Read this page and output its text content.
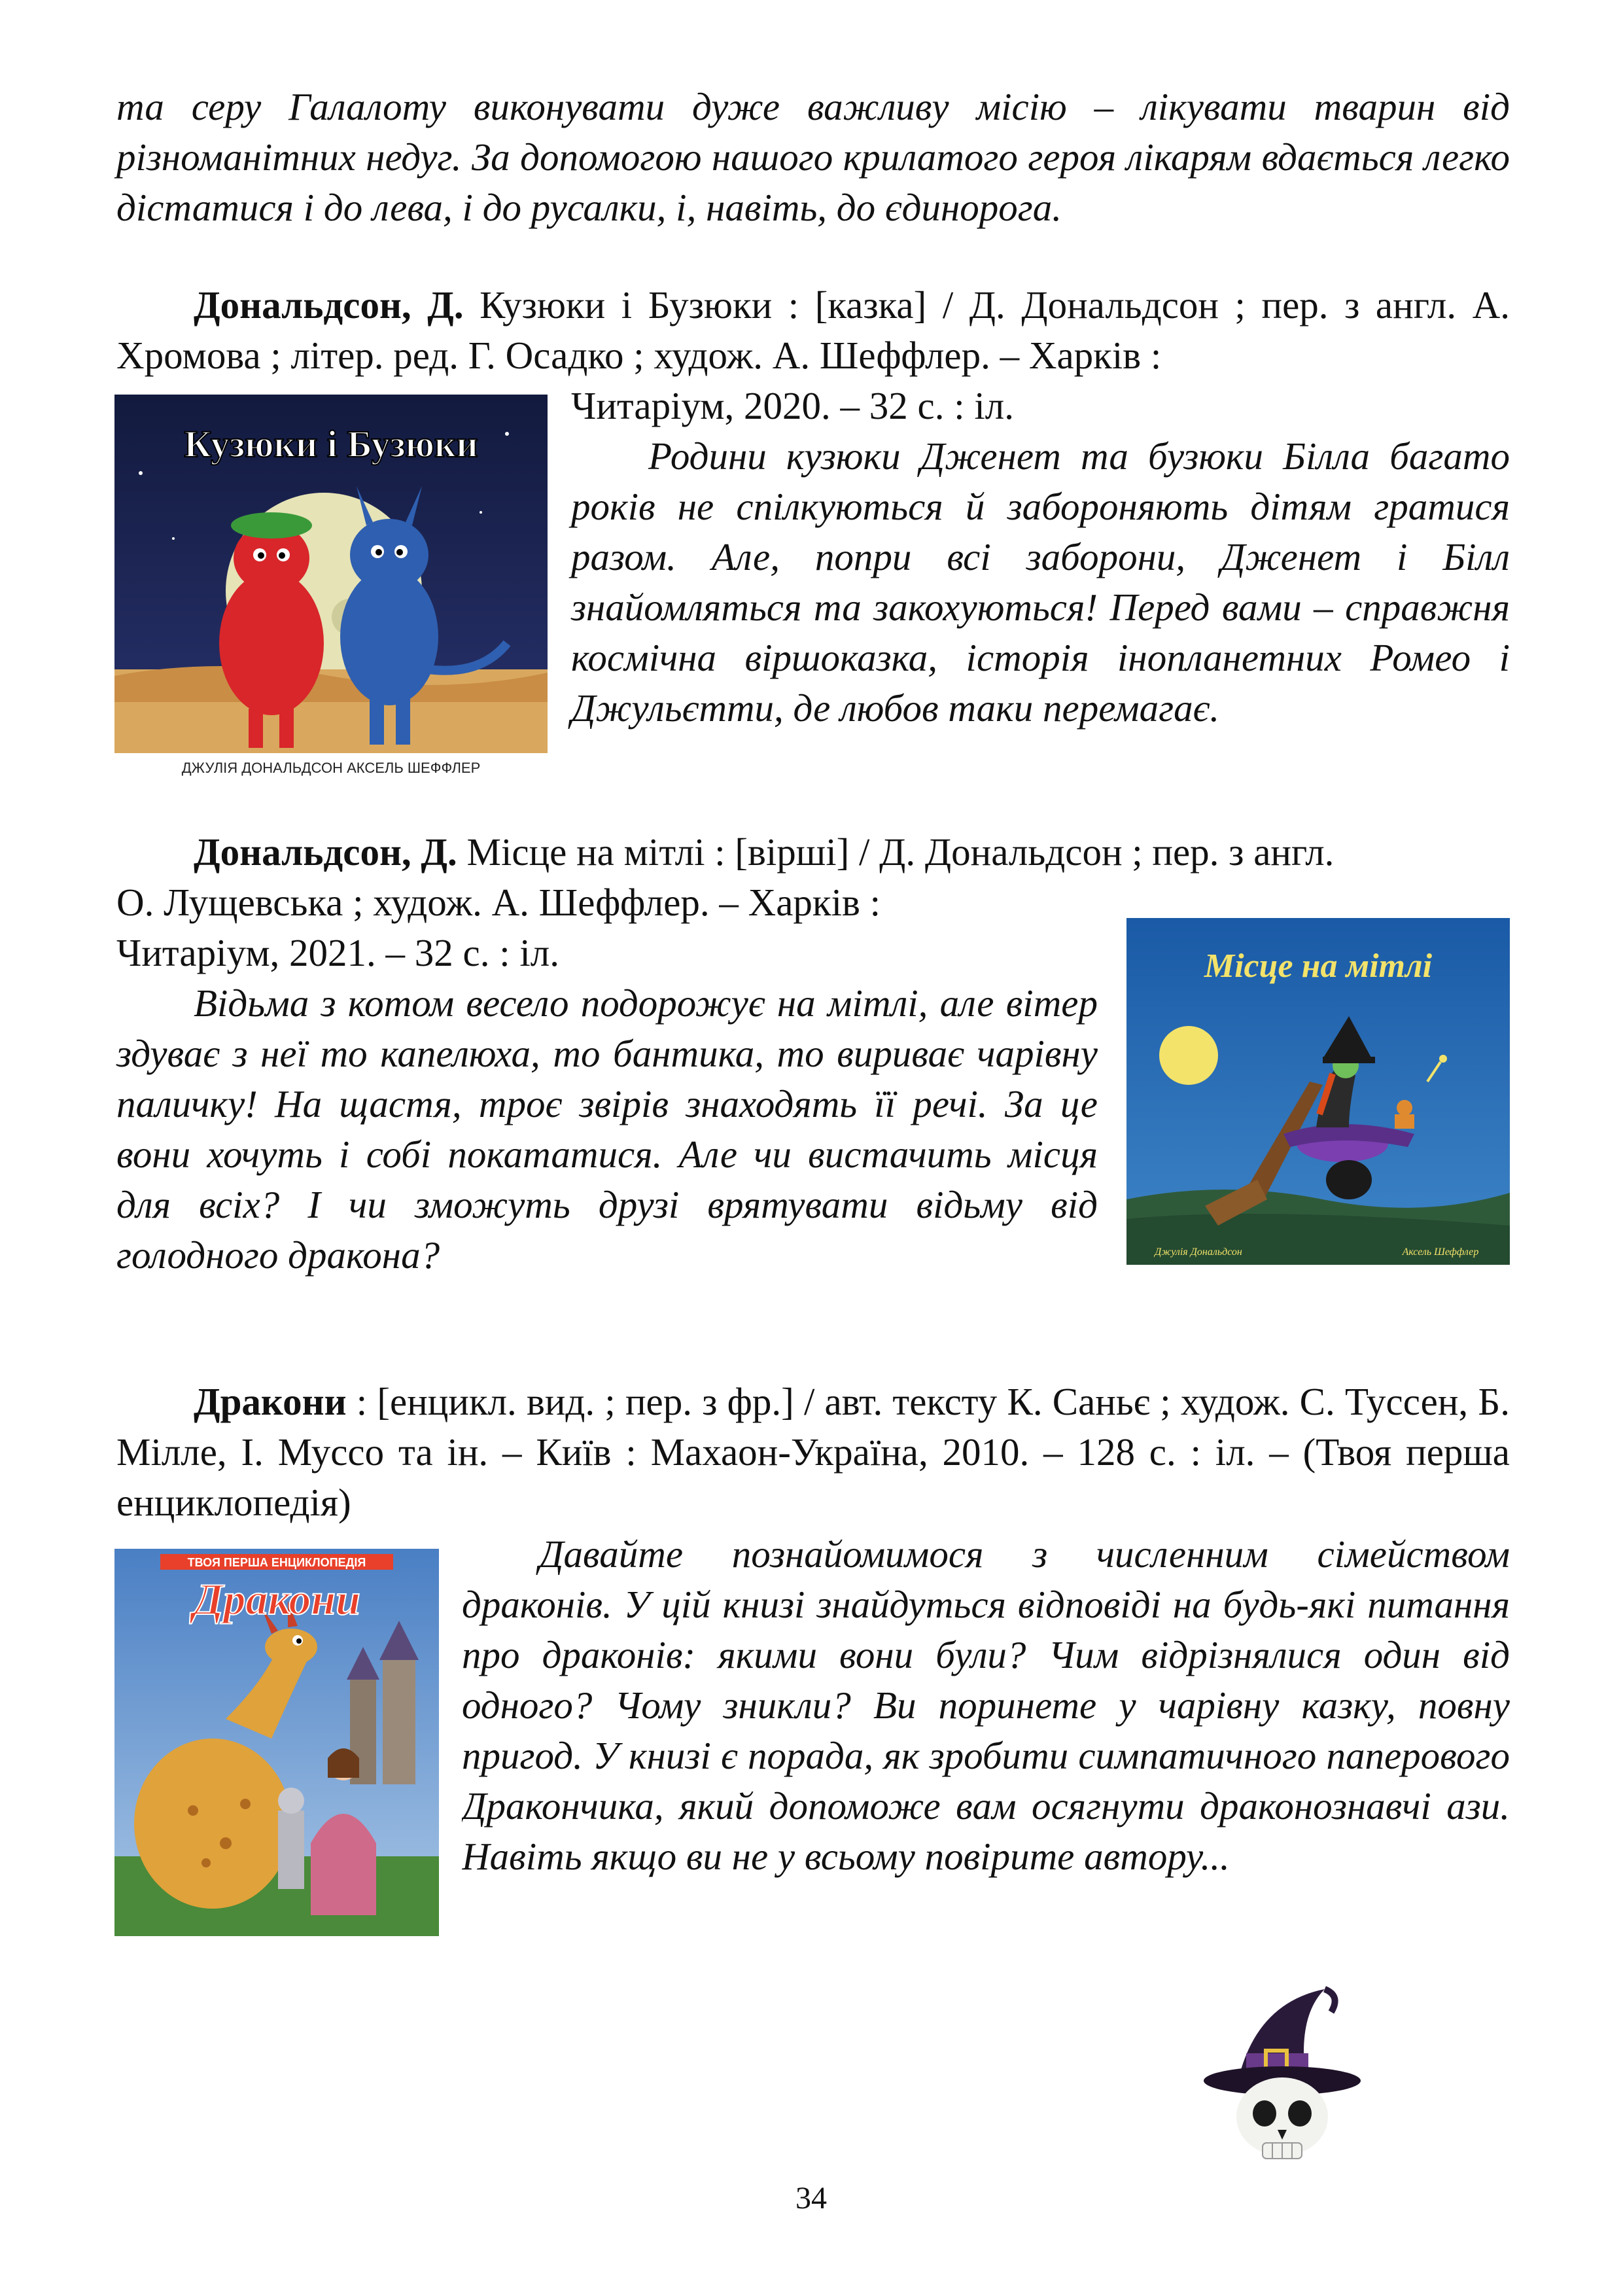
та серу Галалоту виконувати дуже важливу місію – лікувати тварин від різноманітних недуг. За допомогою нашого крилатого героя лікарям вдається легко дістатися і до лева, і до русалки, і, навіть, до єдинорога.
Дональдсон, Д. Кузюки і Бузюки : [казка] / Д. Дональдсон ; пер. з англ. А. Хромова ; літер. ред. Г. Осадко ; худож. А. Шеффлер. – Харків :
Кузюки і Бузюки
ДЖУЛІЯ ДОНАЛЬДСОН АКСЕЛЬ ШЕФФЛЕР
Читаріум, 2020. – 32 с. : іл.
Родини кузюки Дженет та бузюки Білла багато років не спілкуються й забороняють дітям гратися разом. Але, попри всі заборони, Дженет і Білл знайомляться та закохуються! Перед вами – справжня космічна віршоказка, історія інопланетних Ромео і Джульєтти, де любов таки перемагає.
Дональдсон, Д. Місце на мітлі : [вірші] / Д. Дональдсон ; пер. з англ.
О. Лущевська ; худож. А. Шеффлер. – Харків :
Читаріум, 2021. – 32 с. : іл.
Відьма з котом весело подорожує на мітлі, але вітер здуває з неї то капелюха, то бантика, то вириває чарівну паличку! На щастя, троє звірів знаходять її речі. За це вони хочуть і собі покататися. Але чи вистачить місця для всіх? І чи зможуть друзі врятувати відьму від голодного дракона?
Місце на мітлі
Джулія Дональдсон	Аксель Шеффлер
Дракони : [енцикл. вид. ; пер. з фр.] / авт. тексту К. Саньє ; худож. С. Туссен, Б. Мілле, І. Муссо та ін. – Київ : Махаон-Україна, 2010. – 128 с. : іл. – (Твоя перша енциклопедія)
ТВОЯ ПЕРША ЕНЦИКЛОПЕДІЯ
Дракони
Давайте познайомимося з численним сімейством драконів. У цій книзі знайдуться відповіді на будь-які питання про драконів: якими вони були? Чим відрізнялися один від одного? Чому зникли? Ви поринете у чарівну казку, повну пригод. У книзі є порада, як зробити симпатичного паперового Дракончика, який допоможе вам осягнути драконознавчі ази. Навіть якщо ви не у всьому повірите автору...
34
